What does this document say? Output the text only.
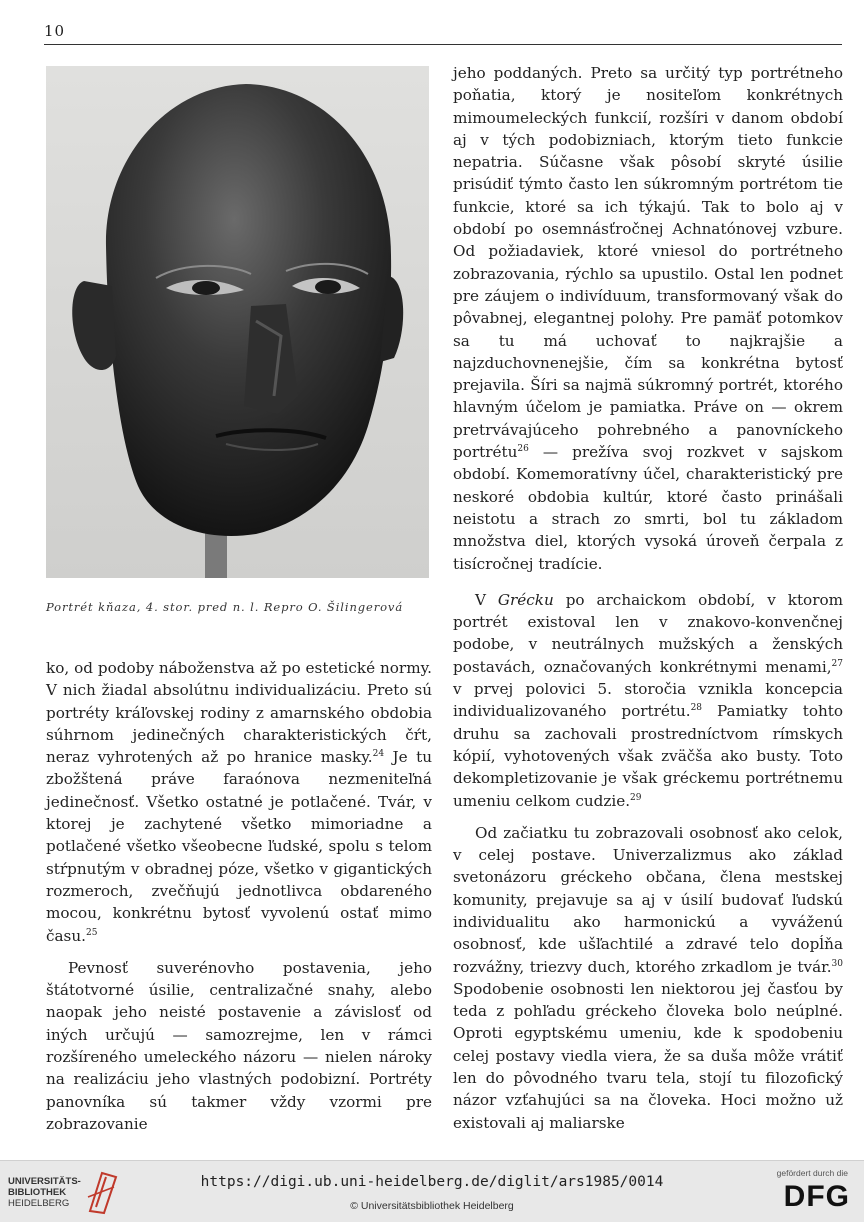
10
Portrét kňaza, 4. stor. pred n. l. Repro O. Šilingerová

jeho poddaných. Preto sa určitý typ portrétneho poňatia, ktorý je nositeľom konkrétnych mimoumeleckých funkcií, rozšíri v danom období aj v tých podobizniach, ktorým tieto funkcie nepatria. Súčasne však pôsobí skryté úsilie prisúdiť týmto často len súkromným portrétom tie funkcie, ktoré sa ich týkajú. Tak to bolo aj v období po osemnásťročnej Achnatónovej vzbure. Od požiadaviek, ktoré vniesol do portrétneho zobrazovania, rýchlo sa upustilo. Ostal len podnet pre záujem o indivíduum, transformovaný však do pôvabnej, elegantnej polohy. Pre pamäť potomkov sa tu má uchovať to najkrajšie a najzduchovnenejšie, čím sa konkrétna bytosť prejavila. Šíri sa najmä súkromný portrét, ktorého hlavným účelom je pamiatka. Práve on — okrem pretrvávajúceho pohrebného a panovníckeho portrétu$^{26}$ — prežíva svoj rozkvet v sajskom období. Komemoratívny účel, charakteristický pre neskoré obdobia kultúr, ktoré často prinášali neistotu a strach zo smrti, bol tu základom množstva diel, ktorých vysoká úroveň čerpala z tisícročnej tradície.

V Grécku po archaickom období, v ktorom portrét existoval len v znakovo-konvenčnej podobe, v neutrálnych mužských a ženských postavách, označovaných konkrétnymi menami,$^{27}$ v prvej polovici 5. storočia vznikla koncepcia individualizovaného portrétu.$^{28}$ Pamiatky tohto druhu sa zachovali prostredníctvom rímskych kópií, vyhotovených však zväčša ako busty. Toto dekompletizovanie je však gréckemu portrétnemu umeniu celkom cudzie.$^{29}$

Od začiatku tu zobrazovali osobnosť ako celok, v celej postave. Univerzalizmus ako základ svetonázoru gréckeho občana, člena mestskej komunity, prejavuje sa aj v úsilí budovať ľudskú individualitu ako harmonickú a vyváženú osobnosť, kde ušľachtilé a zdravé telo dopĺňa rozvážny, triezvy duch, ktorého zrkadlom je tvár.$^{30}$ Spodobenie osobnosti len niektorou jej časťou by teda z pohľadu gréckeho človeka bolo neúplné. Oproti egyptskému umeniu, kde k spodobeniu celej postavy viedla viera, že sa duša môže vrátiť len do pôvodného tvaru tela, stojí tu filozofický názor vzťahujúci sa na človeka. Hoci možno už existovali aj maliarske

ko, od podoby náboženstva až po estetické normy. V nich žiadal absolútnu individualizáciu. Preto sú portréty kráľovskej rodiny z amarnského obdobia súhrnom jedinečných charakteristických čŕt, neraz vyhrotených až po hranice masky.$^{24}$ Je tu zbožštená práve faraónova nezmeniteľná jedinečnosť. Všetko ostatné je potlačené. Tvár, v ktorej je zachytené všetko mimoriadne a potlačené všetko všeobecne ľudské, spolu s telom stŕpnutým v obradnej póze, všetko v gigantických rozmeroch, zvečňujú jednotlivca obdareného mocou, konkrétnu bytosť vyvolenú ostať mimo času.$^{25}$

Pevnosť suverénovho postavenia, jeho štátotvorné úsilie, centralizačné snahy, alebo naopak jeho neisté postavenie a závislosť od iných určujú — samozrejme, len v rámci rozšíreného umeleckého názoru — nielen nároky na realizáciu jeho vlastných podobizní. Portréty panovníka sú takmer vždy vzormi pre zobrazovanie

UNIVERSITÄTS-
BIBLIOTHEK
HEIDELBERG
https://digi.ub.uni-heidelberg.de/diglit/ars1985/0014
© Universitätsbibliothek Heidelberg
gefördert durch die
DFG
